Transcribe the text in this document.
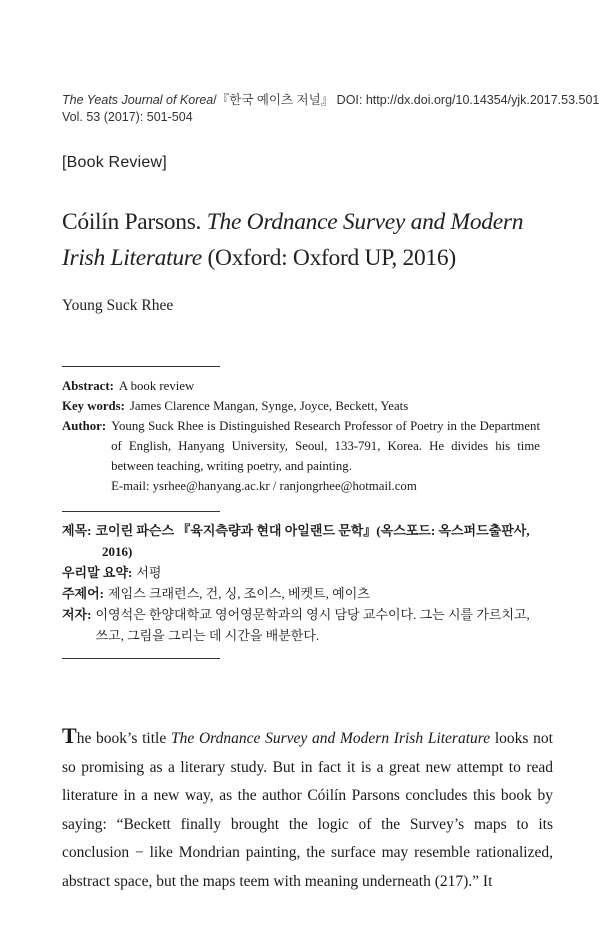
The Yeats Journal of Korea/『한국 예이츠 저널』 DOI: http://dx.doi.org/10.14354/yjk.2017.53.501
Vol. 53 (2017): 501-504
[Book Review]
Cóilín Parsons. The Ordnance Survey and Modern Irish Literature (Oxford: Oxford UP, 2016)
Young Suck Rhee
Abstract: A book review
Key words: James Clarence Mangan, Synge, Joyce, Beckett, Yeats
Author: Young Suck Rhee is Distinguished Research Professor of Poetry in the Department of English, Hanyang University, Seoul, 133-791, Korea. He divides his time between teaching, writing poetry, and painting.
E-mail: ysrhee@hanyang.ac.kr / ranjongrhee@hotmail.com
제목: 코이린 파슨스 『육지측량과 현대 아일랜드 문학』(옥스포드: 옥스퍼드출판사,
2016)
우리말 요약: 서평
주제어: 제임스 크래런스, 건, 싱, 조이스, 베켓트, 예이츠
저자: 이영석은 한양대학교 영어영문학과의 영시 담당 교수이다. 그는 시를 가르치고, 쓰고, 그림을 그리는 데 시간을 배분한다.

The book’s title The Ordnance Survey and Modern Irish Literature looks not so promising as a literary study. But in fact it is a great new attempt to read literature in a new way, as the author Cóilín Parsons concludes this book by saying: “Beckett finally brought the logic of the Survey’s maps to its conclusion − like Mondrian painting, the surface may resemble rationalized, abstract space, but the maps teem with meaning underneath (217).” It
